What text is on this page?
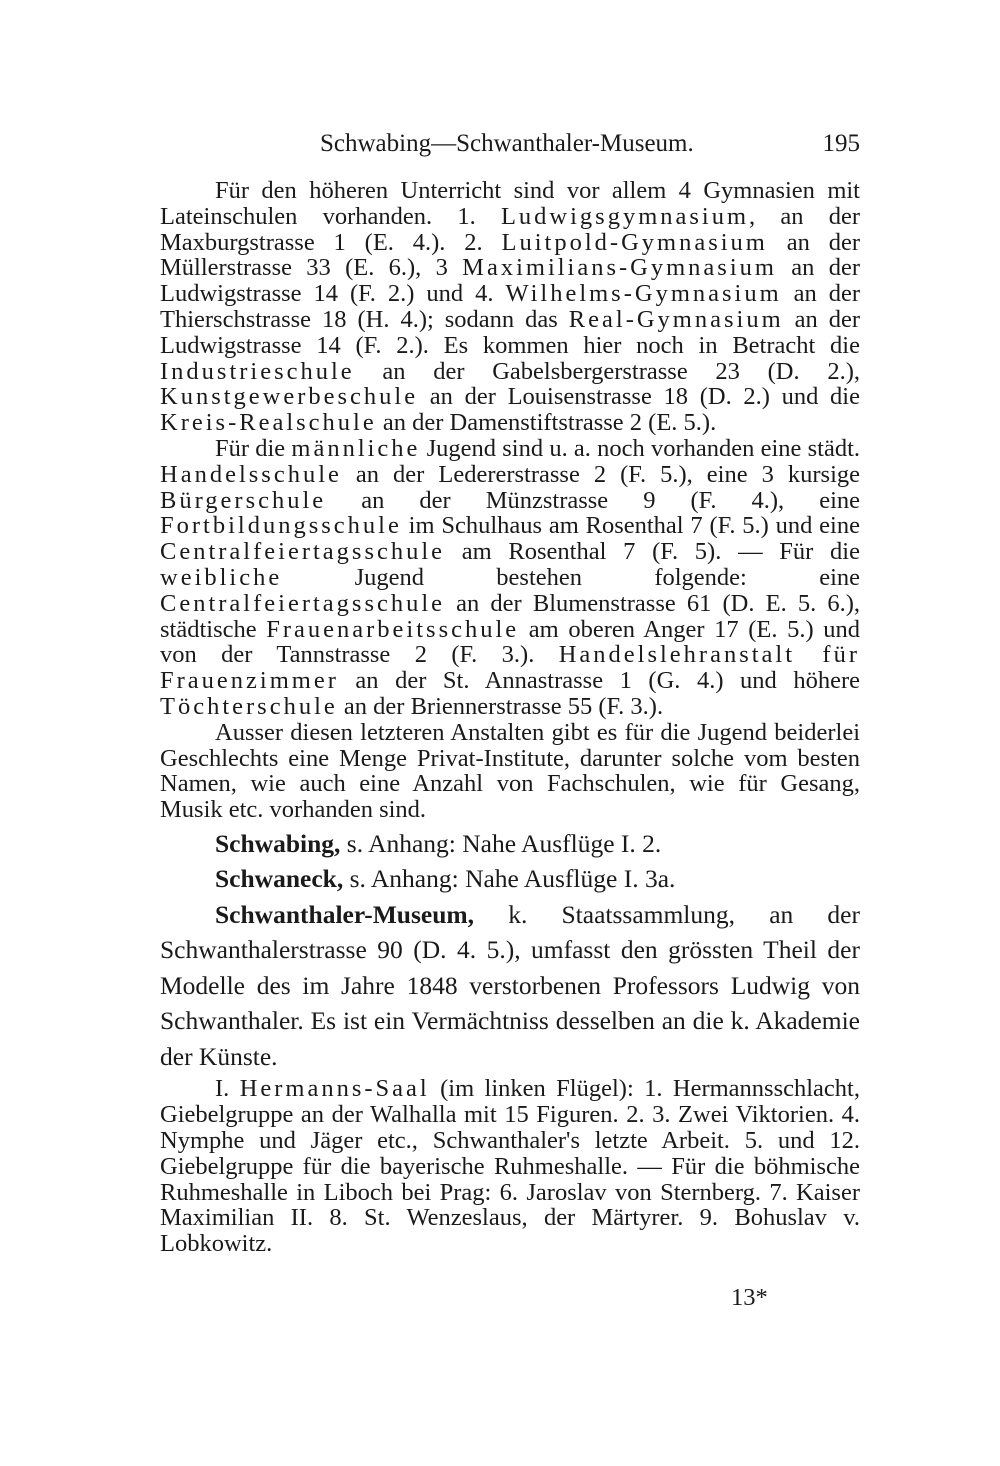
Schwabing—Schwanthaler-Museum.	195

Für den höheren Unterricht sind vor allem 4 Gymnasien mit Lateinschulen vorhanden. 1. Ludwigsgymnasium, an der Maxburgstrasse 1 (E. 4.). 2. Luitpold-Gymnasium an der Müllerstrasse 33 (E. 6.), 3 Maximilians-Gymnasium an der Ludwigstrasse 14 (F. 2.) und 4. Wilhelms-Gymnasium an der Thierschstrasse 18 (H. 4.); sodann das Real-Gymnasium an der Ludwigstrasse 14 (F. 2.). Es kommen hier noch in Betracht die Industrieschule an der Gabelsbergerstrasse 23 (D. 2.), Kunstgewerbeschule an der Louisenstrasse 18 (D. 2.) und die Kreis-Realschule an der Damenstiftstrasse 2 (E. 5.).

Für die männliche Jugend sind u. a. noch vorhanden eine städt. Handelsschule an der Ledererstrasse 2 (F. 5.), eine 3 kursige Bürgerschule an der Münzstrasse 9 (F. 4.), eine Fortbildungsschule im Schulhaus am Rosenthal 7 (F. 5.) und eine Centralfeiertagsschule am Rosenthal 7 (F. 5). — Für die weibliche Jugend bestehen folgende: eine Centralfeiertagsschule an der Blumenstrasse 61 (D. E. 5. 6.), städtische Frauenarbeitsschule am oberen Anger 17 (E. 5.) und von der Tannstrasse 2 (F. 3.). Handelslehranstalt für Frauenzimmer an der St. Annastrasse 1 (G. 4.) und höhere Töchterschule an der Briennerstrasse 55 (F. 3.).

Ausser diesen letzteren Anstalten gibt es für die Jugend beiderlei Geschlechts eine Menge Privat-Institute, darunter solche vom besten Namen, wie auch eine Anzahl von Fachschulen, wie für Gesang, Musik etc. vorhanden sind.

Schwabing, s. Anhang: Nahe Ausflüge I. 2.

Schwaneck, s. Anhang: Nahe Ausflüge I. 3a.

Schwanthaler-Museum, k. Staatssammlung, an der Schwanthalerstrasse 90 (D. 4. 5.), umfasst den grössten Theil der Modelle des im Jahre 1848 verstorbenen Professors Ludwig von Schwanthaler. Es ist ein Vermächtniss desselben an die k. Akademie der Künste.

I. Hermanns-Saal (im linken Flügel): 1. Hermannsschlacht, Giebelgruppe an der Walhalla mit 15 Figuren. 2. 3. Zwei Viktorien. 4. Nymphe und Jäger etc., Schwanthaler's letzte Arbeit. 5. und 12. Giebelgruppe für die bayerische Ruhmeshalle. — Für die böhmische Ruhmeshalle in Liboch bei Prag: 6. Jaroslav von Sternberg. 7. Kaiser Maximilian II. 8. St. Wenzeslaus, der Märtyrer. 9. Bohuslav v. Lobkowitz.

13*
